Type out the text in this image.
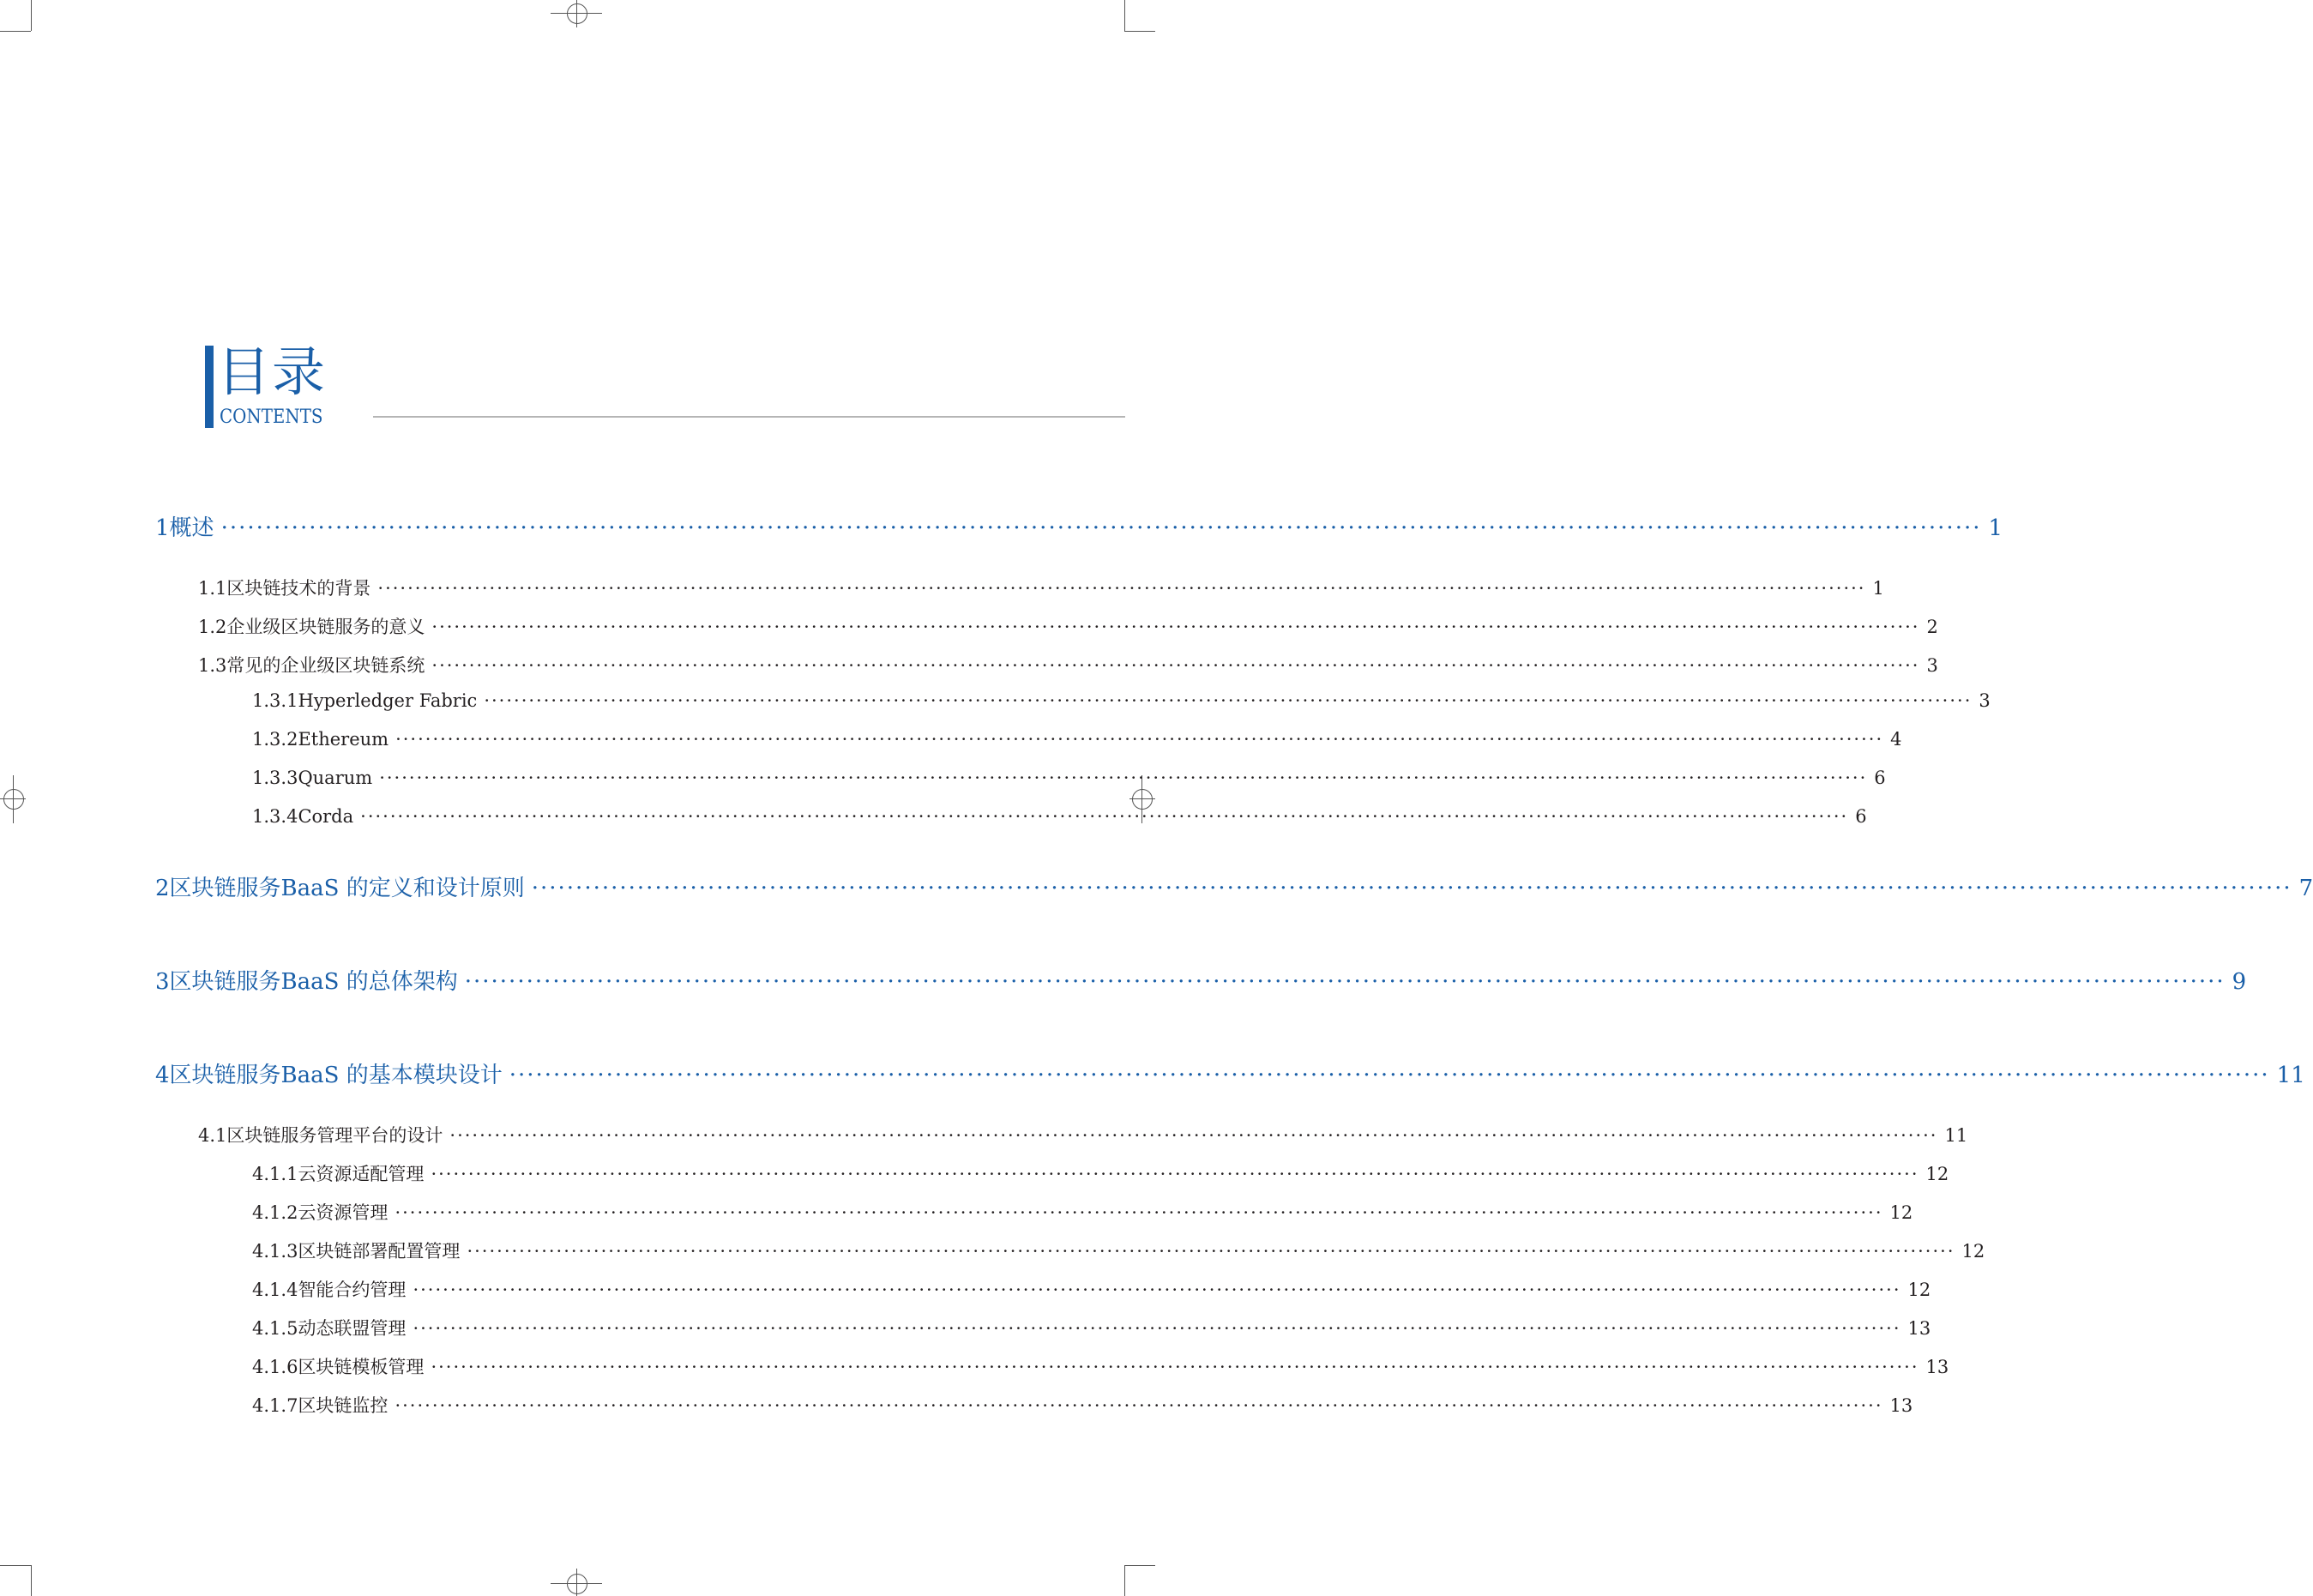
目录
CONTENTS
1 概述 ········································································································································································································ 1
1.1 区块链技术的背景 ········································································································································································································ 1
1.2 企业级区块链服务的意义 ········································································································································································································ 2
1.3 常见的企业级区块链系统 ········································································································································································································ 3
1.3.1 Hyperledger Fabric ········································································································································································································ 3
1.3.2 Ethereum ········································································································································································································ 4
1.3.3 Quarum ········································································································································································································ 6
1.3.4 Corda ········································································································································································································ 6
2 区块链服务BaaS 的定义和设计原则 ········································································································································································································ 7
3 区块链服务BaaS 的总体架构 ········································································································································································································ 9
4 区块链服务BaaS 的基本模块设计 ········································································································································································································ 11
4.1 区块链服务管理平台的设计 ········································································································································································································ 11
4.1.1 云资源适配管理 ········································································································································································································ 12
4.1.2 云资源管理 ········································································································································································································ 12
4.1.3 区块链部署配置管理 ········································································································································································································ 12
4.1.4 智能合约管理 ········································································································································································································ 12
4.1.5 动态联盟管理 ········································································································································································································ 13
4.1.6 区块链模板管理 ········································································································································································································ 13
4.1.7 区块链监控 ········································································································································································································ 13
